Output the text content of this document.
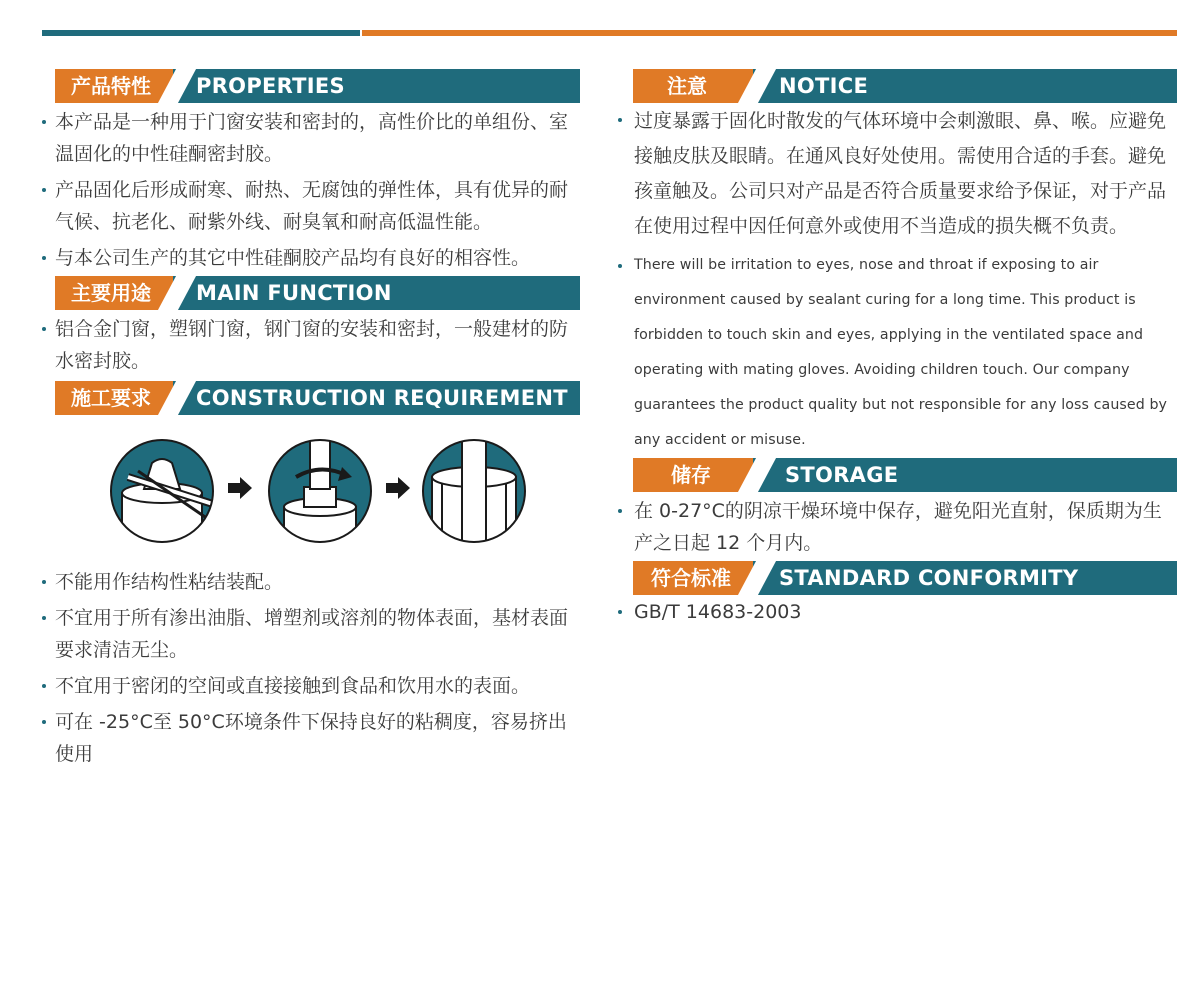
产品特性	PROPERTIES
本产品是一种用于门窗安装和密封的，高性价比的单组份、室温固化的中性硅酮密封胶。
产品固化后形成耐寒、耐热、无腐蚀的弹性体，具有优异的耐气候、抗老化、耐紫外线、耐臭氧和耐高低温性能。
与本公司生产的其它中性硅酮胶产品均有良好的相容性。
主要用途	MAIN FUNCTION
铝合金门窗，塑钢门窗，钢门窗的安装和密封，一般建材的防水密封胶。
施工要求	CONSTRUCTION REQUIREMENT
不能用作结构性粘结装配。
不宜用于所有渗出油脂、增塑剂或溶剂的物体表面，基材表面要求清洁无尘。
不宜用于密闭的空间或直接接触到食品和饮用水的表面。
可在 -25°C至 50°C环境条件下保持良好的粘稠度，容易挤出使用
注意	NOTICE
过度暴露于固化时散发的气体环境中会刺激眼、鼻、喉。应避免接触皮肤及眼睛。在通风良好处使用。需使用合适的手套。避免孩童触及。公司只对产品是否符合质量要求给予保证，对于产品在使用过程中因任何意外或使用不当造成的损失概不负责。
There will be irritation to eyes, nose and throat if exposing to air environment caused by sealant curing for a long time. This product is forbidden to touch skin and eyes, applying in the ventilated space and operating with mating gloves. Avoiding children touch. Our company guarantees the product quality but not responsible for any loss caused by any accident or misuse.
储存	STORAGE
在 0-27°C的阴凉干燥环境中保存，避免阳光直射，保质期为生产之日起 12 个月内。
符合标准	STANDARD CONFORMITY
GB/T 14683-2003
